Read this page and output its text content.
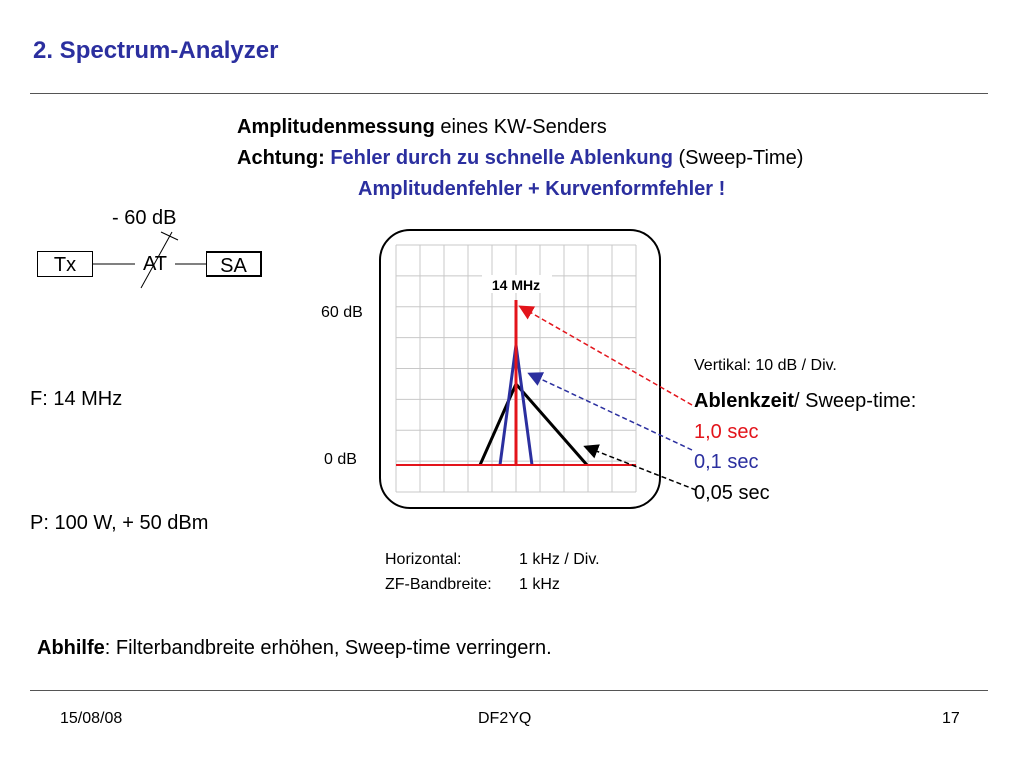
2. Spectrum-Analyzer
Amplitudenmessung eines KW-Senders
Achtung: Fehler durch zu schnelle Ablenkung (Sweep-Time)
Amplitudenfehler + Kurvenformfehler !
- 60 dB
Tx	AT	SA
F: 14 MHz
P: 100 W, + 50 dBm
60 dB
0 dB
14 MHz
Vertikal: 10 dB / Div.
Ablenkzeit/ Sweep-time:
1,0 sec
0,1 sec
0,05 sec
Horizontal:	1 kHz / Div.
ZF-Bandbreite: 1 kHz
Abhilfe: Filterbandbreite erhöhen, Sweep-time verringern.
15/08/08	DF2YQ	17
